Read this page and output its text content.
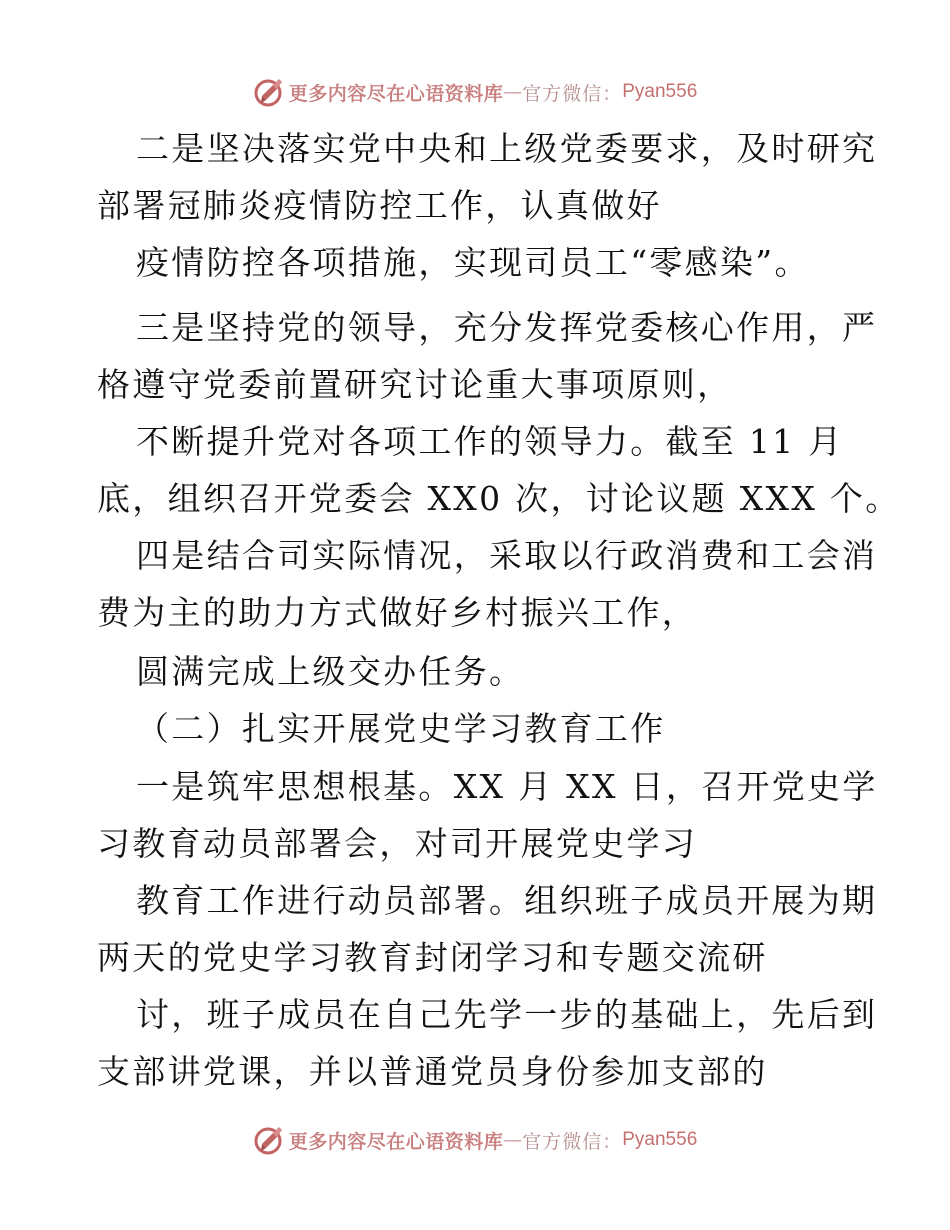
更多内容尽在心语资料库 — 官方微信： Pyan556
二是坚决落实党中央和上级党委要求，及时研究
部署冠肺炎疫情防控工作，认真做好
疫情防控各项措施，实现司员工“零感染”。
三是坚持党的领导，充分发挥党委核心作用，严
格遵守党委前置研究讨论重大事项原则，
不断提升党对各项工作的领导力。截至 11 月
底，组织召开党委会 XX0 次，讨论议题 XXX 个。
四是结合司实际情况，采取以行政消费和工会消
费为主的助力方式做好乡村振兴工作，
圆满完成上级交办任务。
（二）扎实开展党史学习教育工作
一是筑牢思想根基。XX 月 XX 日，召开党史学
习教育动员部署会，对司开展党史学习
教育工作进行动员部署。组织班子成员开展为期
两天的党史学习教育封闭学习和专题交流研
讨，班子成员在自己先学一步的基础上，先后到
支部讲党课，并以普通党员身份参加支部的
更多内容尽在心语资料库 — 官方微信： Pyan556
